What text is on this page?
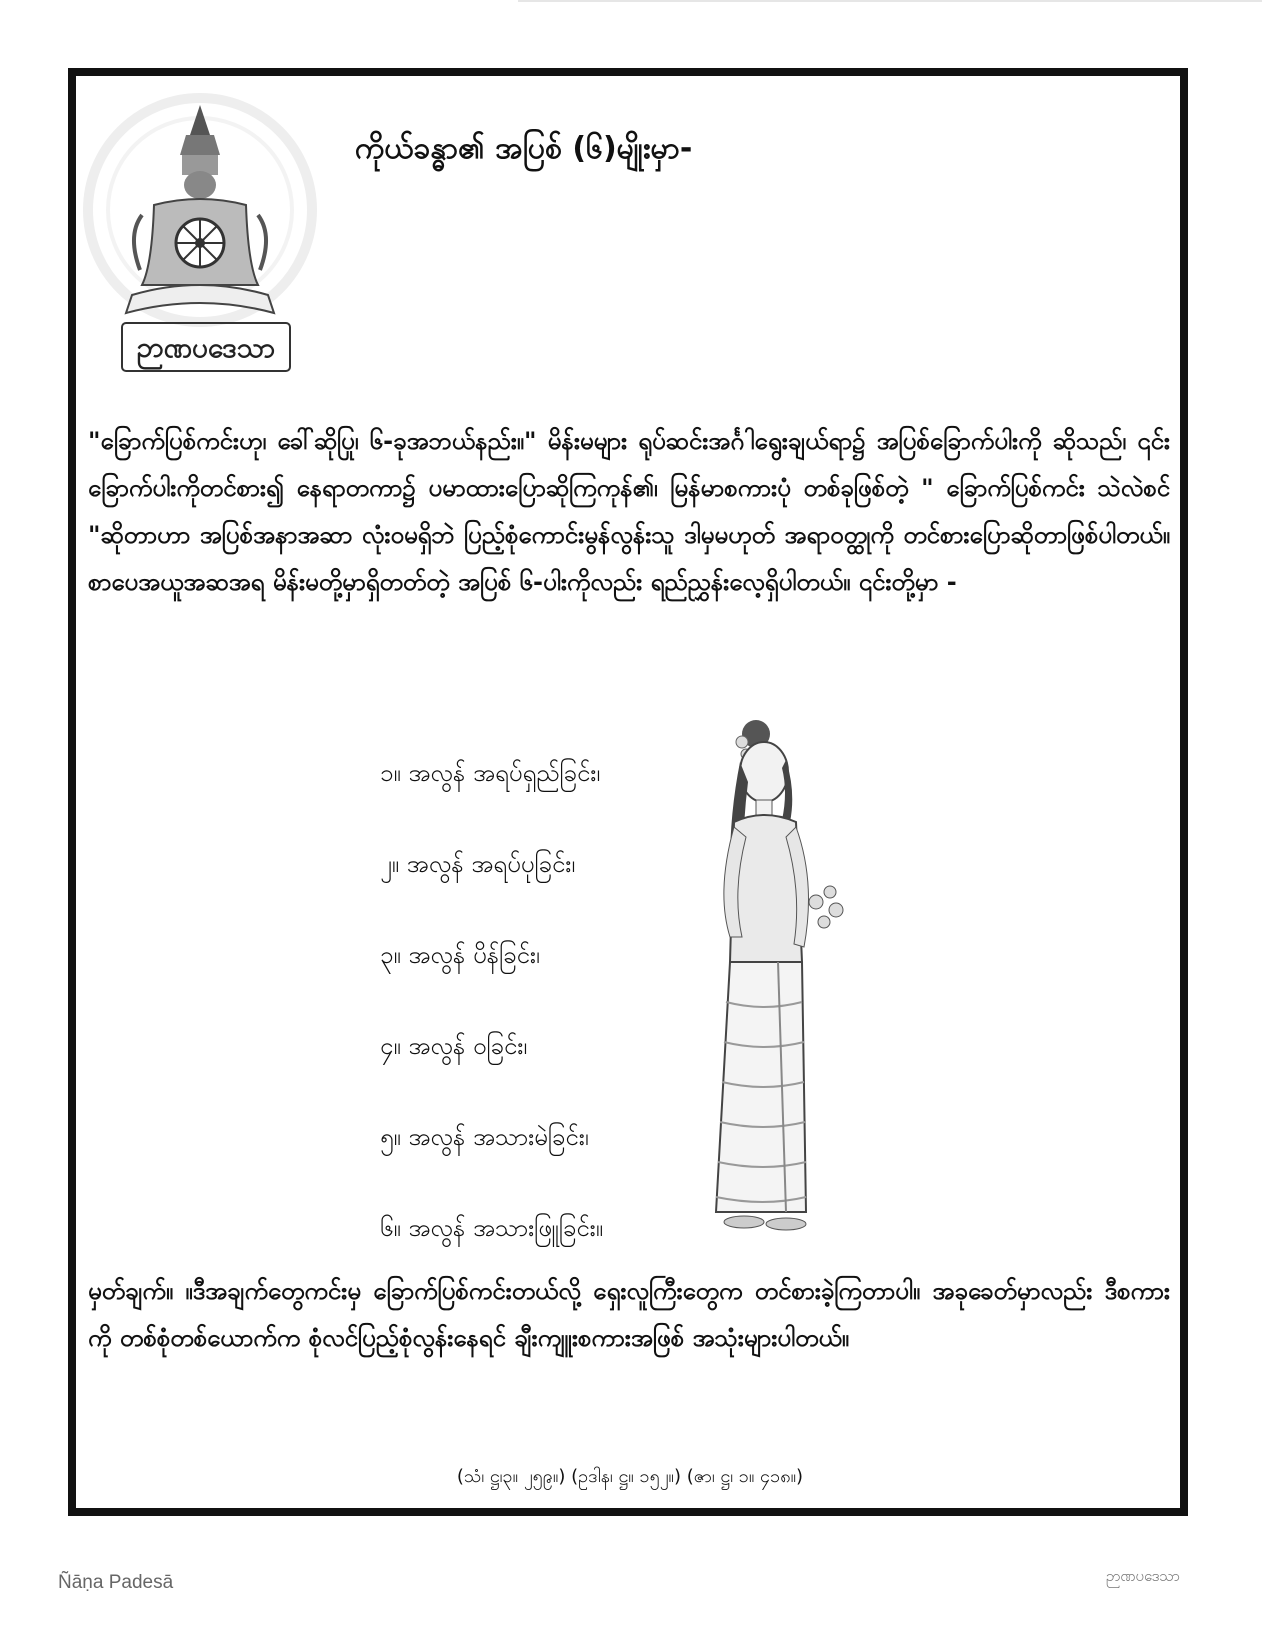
ဉာဏပဒေသာ
ကိုယ်ခန္ဓာ၏ အပြစ် (၆)မျိုးမှာ-
"ခြောက်ပြစ်ကင်းဟု၊ ခေါ်ဆိုပြု၊ ၆-ခုအဘယ်နည်း။" မိန်းမများ ရုပ်ဆင်းအင်္ဂါရွေးချယ်ရာ၌ အပြစ်ခြောက်ပါးကို ဆိုသည်၊ ၎င်းခြောက်ပါးကိုတင်စား၍ နေရာတကာ၌ ပမာထားပြောဆိုကြကုန်၏၊ မြန်မာစကားပုံ တစ်ခုဖြစ်တဲ့ " ခြောက်ပြစ်ကင်း သဲလဲစင် "ဆိုတာဟာ အပြစ်အနာအဆာ လုံးဝမရှိဘဲ ပြည့်စုံကောင်းမွန်လွန်းသူ ဒါမှမဟုတ် အရာဝတ္ထုကို တင်စားပြောဆိုတာဖြစ်ပါတယ်။ စာပေအယူအဆအရ မိန်းမတို့မှာရှိတတ်တဲ့ အပြစ် ၆-ပါးကိုလည်း ရည်ညွှန်းလေ့ရှိပါတယ်။ ၎င်းတို့မှာ -
၁။ အလွန် အရပ်ရှည်ခြင်း၊
၂။ အလွန် အရပ်ပုခြင်း၊
၃။ အလွန် ပိန်ခြင်း၊
၄။ အလွန် ဝခြင်း၊
၅။ အလွန် အသားမဲခြင်း၊
၆။ အလွန် အသားဖြူခြင်း။
မှတ်ချက်။ ။ဒီအချက်တွေကင်းမှ ခြောက်ပြစ်ကင်းတယ်လို့ ရှေးလူကြီးတွေက တင်စားခဲ့ကြတာပါ။ အခုခေတ်မှာလည်း ဒီစကားကို တစ်စုံတစ်ယောက်က စုံလင်ပြည့်စုံလွန်းနေရင် ချီးကျူးစကားအဖြစ် အသုံးများပါတယ်။
(သံ၊ ဋ္ဌ၊၃။ ၂၅၉။) (ဥဒါန၊ ဋ္ဌ။ ၁၅၂။) (ဇာ၊ ဋ္ဌ၊ ၁။ ၄၁၈။)
Ñāṇa Padesā	ဉာဏပဒေသာ
